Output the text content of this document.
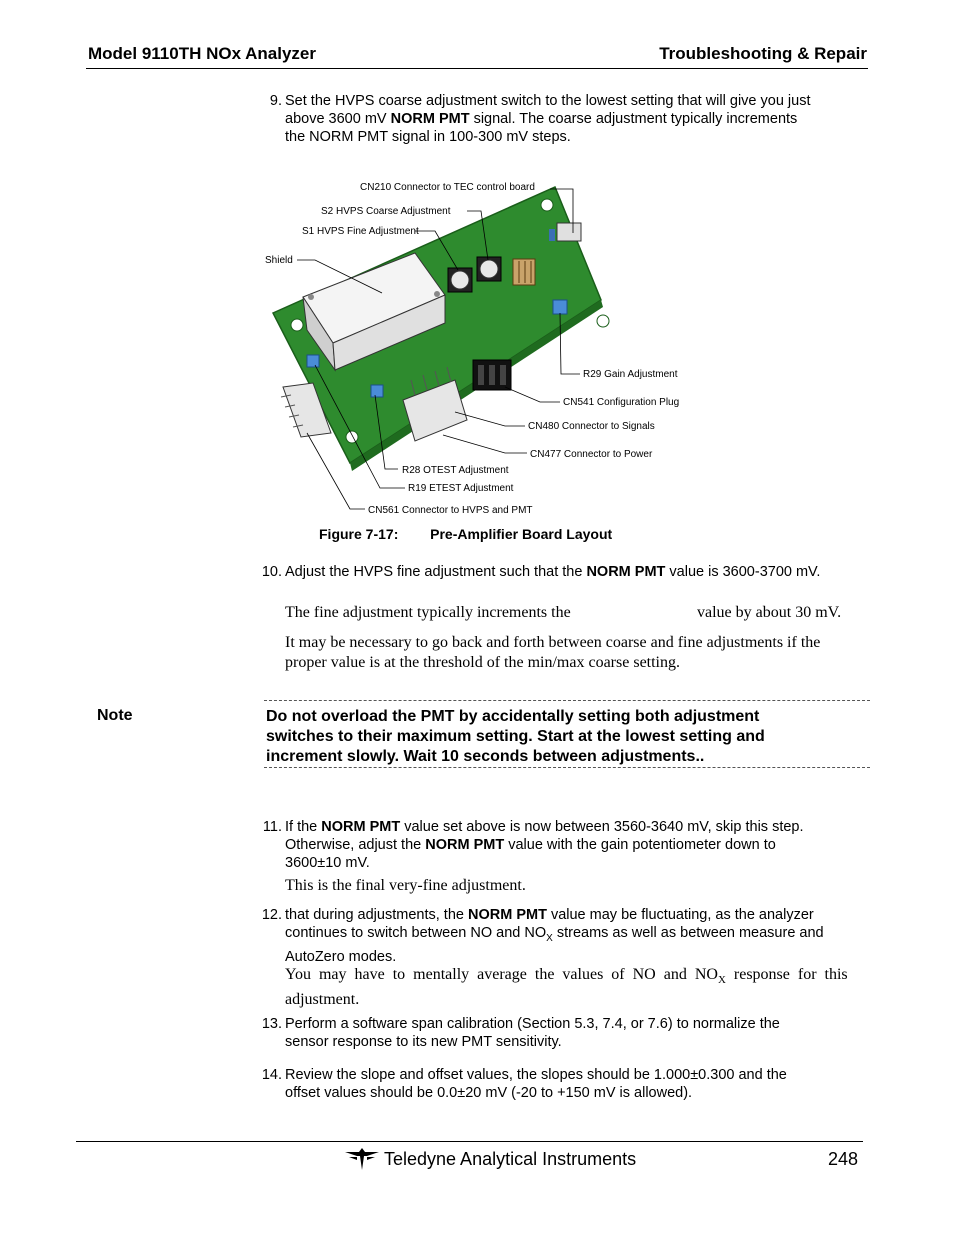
Model 9110TH NOx Analyzer	Troubleshooting & Repair
9. Set the HVPS coarse adjustment switch to the lowest setting that will give you just
above 3600 mV NORM PMT signal. The coarse adjustment typically increments
the NORM PMT signal in 100-300 mV steps.
CN210 Connector to TEC control board
S2 HVPS Coarse Adjustment
S1 HVPS Fine Adjustment
Shield
R29 Gain Adjustment
CN541 Configuration Plug
CN480 Connector to Signals
CN477 Connector to Power
R28 OTEST Adjustment
R19 ETEST Adjustment
CN561 Connector to HVPS and PMT
Figure 7-17: Pre-Amplifier Board Layout
10. Adjust the HVPS fine adjustment such that the NORM PMT value is 3600-3700 mV.
The fine adjustment typically increments the	value by about 30 mV.
It may be necessary to go back and forth between coarse and fine adjustments if the
proper value is at the threshold of the min/max coarse setting.
Note	Do not overload the PMT by accidentally setting both adjustment
switches to their maximum setting. Start at the lowest setting and
increment slowly. Wait 10 seconds between adjustments..
11. If the NORM PMT value set above is now between 3560-3640 mV, skip this step.
Otherwise, adjust the NORM PMT value with the gain potentiometer down to
3600±10 mV.
This is the final very-fine adjustment.
12. that during adjustments, the NORM PMT value may be fluctuating, as the analyzer
continues to switch between NO and $NO_X$ streams as well as between measure and
AutoZero modes.
You  may  have  to  mentally  average  the  values  of  NO  and  $NO_X$  response  for  this
adjustment.
13. Perform a software span calibration (Section 5.3, 7.4, or 7.6) to normalize the
sensor response to its new PMT sensitivity.
14. Review the slope and offset values, the slopes should be 1.000±0.300 and the
offset values should be 0.0±20 mV (-20 to +150 mV is allowed).
Teledyne Analytical Instruments	248
